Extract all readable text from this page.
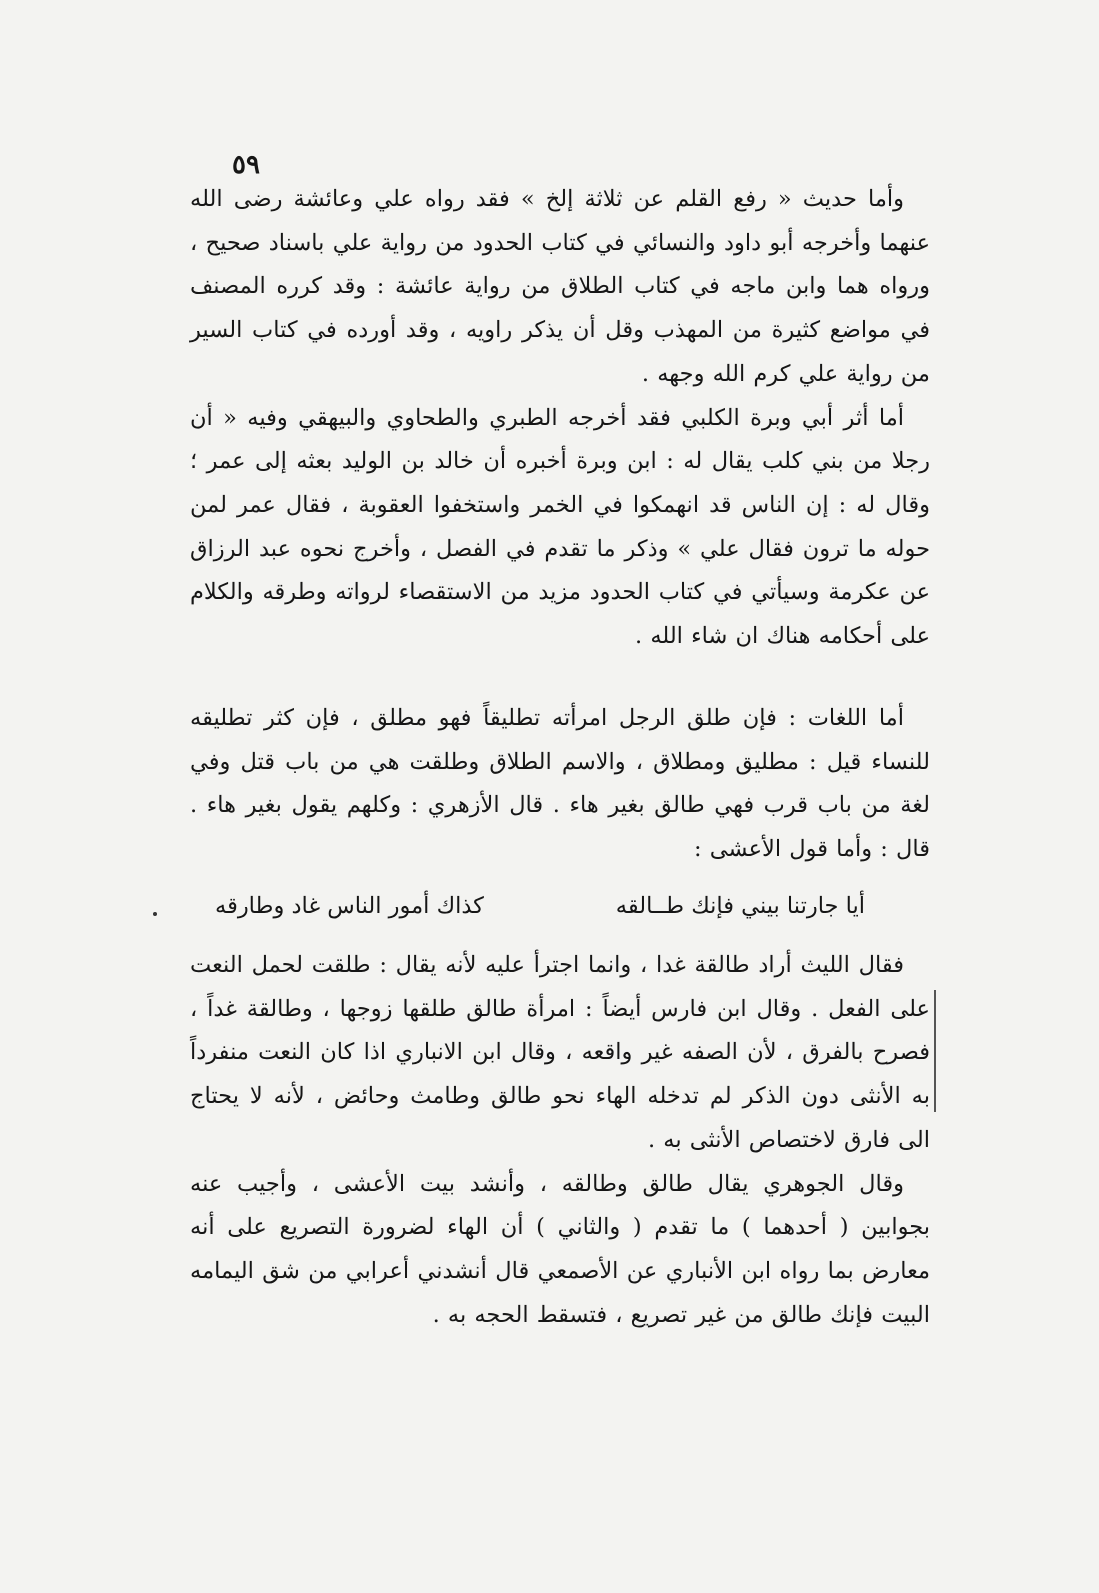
٥٩

وأما حديث « رفع القلم عن ثلاثة إلخ » فقد رواه علي وعائشة رضى الله عنهما وأخرجه أبو داود والنسائي في كتاب الحدود من رواية علي باسناد صحيح ، ورواه هما وابن ماجه في كتاب الطلاق من رواية عائشة : وقد كرره المصنف في مواضع كثيرة من المهذب وقل أن يذكر راويه ، وقد أورده في كتاب السير من رواية علي كرم الله وجهه .

أما أثر أبي وبرة الكلبي فقد أخرجه الطبري والطحاوي والبيهقي وفيه « أن رجلا من بني كلب يقال له : ابن وبرة أخبره أن خالد بن الوليد بعثه إلى عمر ؛ وقال له : إن الناس قد انهمكوا في الخمر واستخفوا العقوبة ، فقال عمر لمن حوله ما ترون فقال علي » وذكر ما تقدم في الفصل ، وأخرج نحوه عبد الرزاق عن عكرمة وسيأتي في كتاب الحدود مزيد من الاستقصاء لرواته وطرقه والكلام على أحكامه هناك ان شاء الله .

أما اللغات : فإن طلق الرجل امرأته تطليقاً فهو مطلق ، فإن كثر تطليقه للنساء قيل : مطليق ومطلاق ، والاسم الطلاق وطلقت هي من باب قتل وفي لغة من باب قرب فهي طالق بغير هاء . قال الأزهري : وكلهم يقول بغير هاء . قال : وأما قول الأعشى :

أيا جارتنا بيني فإنك طــالقه
كذاك أمور الناس غاد وطارقه

فقال الليث أراد طالقة غدا ، وانما اجترأ عليه لأنه يقال : طلقت لحمل النعت على الفعل . وقال ابن فارس أيضاً : امرأة طالق طلقها زوجها ، وطالقة غداً ، فصرح بالفرق ، لأن الصفه غير واقعه ، وقال ابن الانباري اذا كان النعت منفرداً به الأنثى دون الذكر لم تدخله الهاء نحو طالق وطامث وحائض ، لأنه لا يحتاج الى فارق لاختصاص الأنثى به .

وقال الجوهري يقال طالق وطالقه ، وأنشد بيت الأعشى ، وأجيب عنه بجوابين ( أحدهما ) ما تقدم ( والثاني ) أن الهاء لضرورة التصريع على أنه معارض بما رواه ابن الأنباري عن الأصمعي قال أنشدني أعرابي من شق اليمامه البيت فإنك طالق من غير تصريع ، فتسقط الحجه به .
